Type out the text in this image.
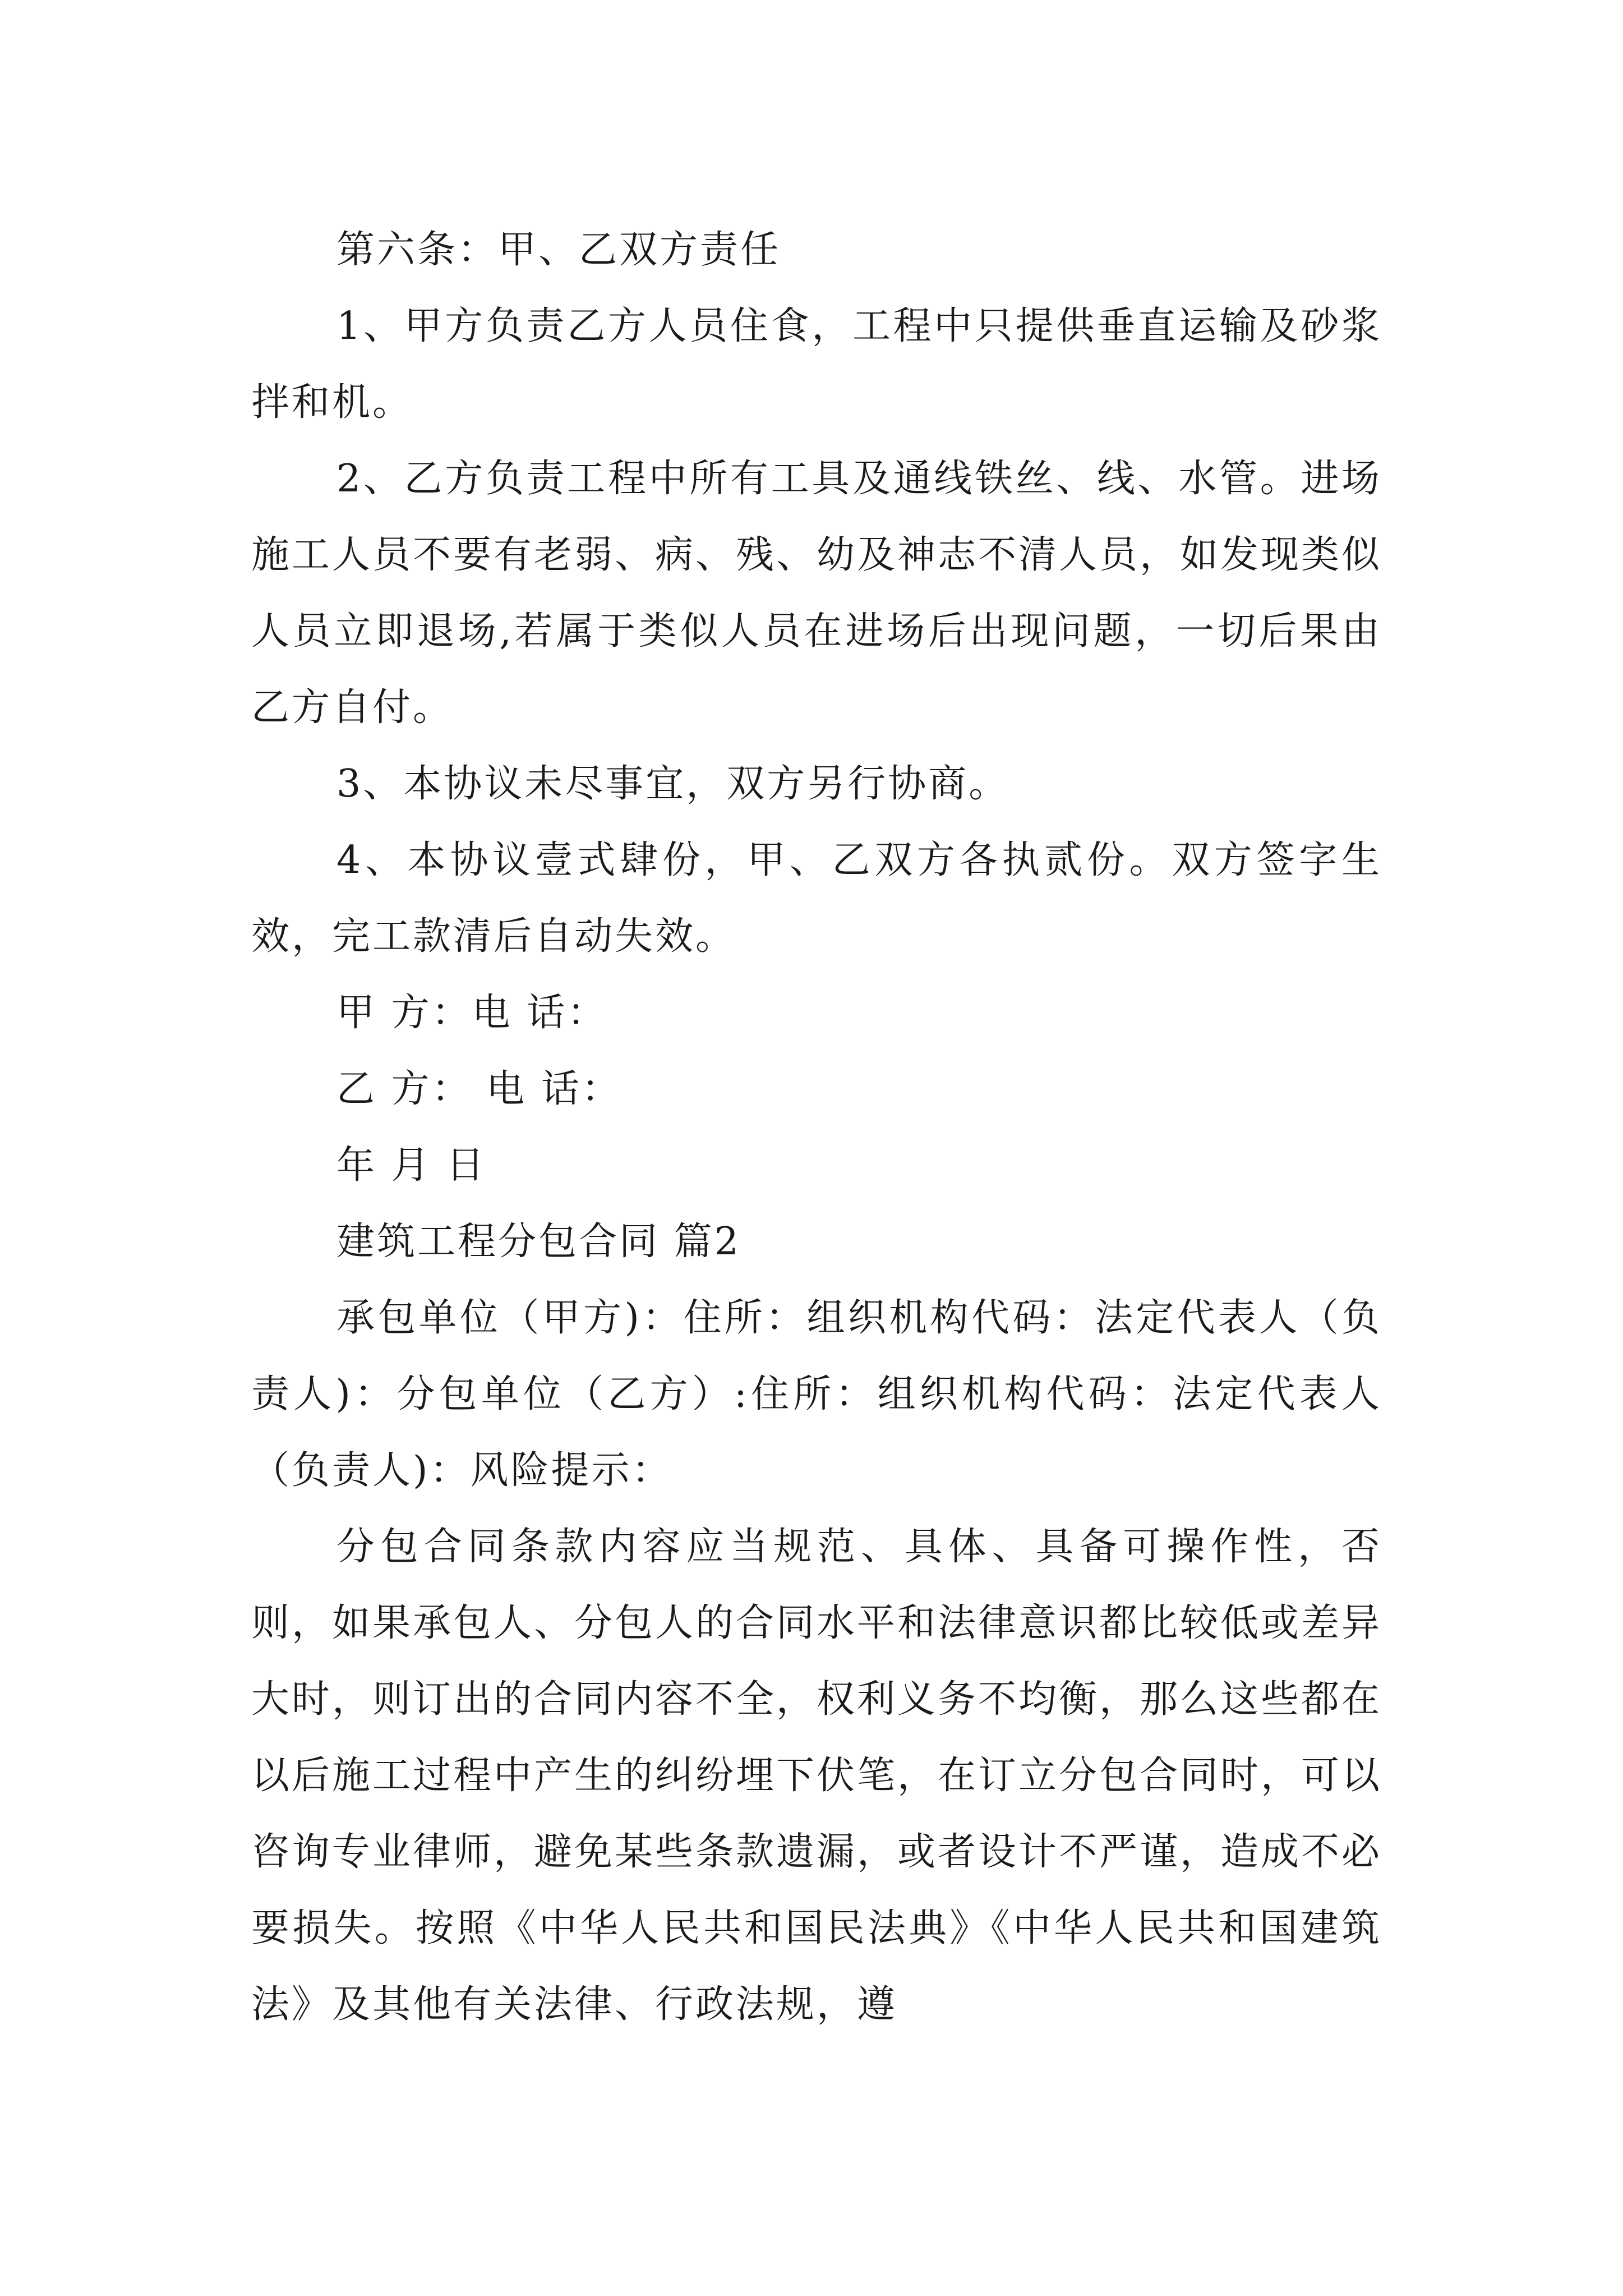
第六条：甲、乙双方责任

1、甲方负责乙方人员住食，工程中只提供垂直运输及砂浆拌和机。

2、乙方负责工程中所有工具及通线铁丝、线、水管。进场施工人员不要有老弱、病、残、幼及神志不清人员，如发现类似人员立即退场,若属于类似人员在进场后出现问题，一切后果由乙方自付。

3、本协议未尽事宜，双方另行协商。

4、本协议壹式肆份，甲、乙双方各执贰份。双方签字生效，完工款清后自动失效。

甲 方：电 话：

乙 方： 电 话：

年 月 日

建筑工程分包合同 篇2

承包单位（甲方)：住所：组织机构代码：法定代表人（负责人)：分包单位（乙方）:住所：组织机构代码：法定代表人（负责人)：风险提示：

分包合同条款内容应当规范、具体、具备可操作性，否则，如果承包人、分包人的合同水平和法律意识都比较低或差异大时，则订出的合同内容不全，权利义务不均衡，那么这些都在以后施工过程中产生的纠纷埋下伏笔，在订立分包合同时，可以咨询专业律师，避免某些条款遗漏，或者设计不严谨，造成不必要损失。按照《中华人民共和国民法典》《中华人民共和国建筑法》及其他有关法律、行政法规，遵
